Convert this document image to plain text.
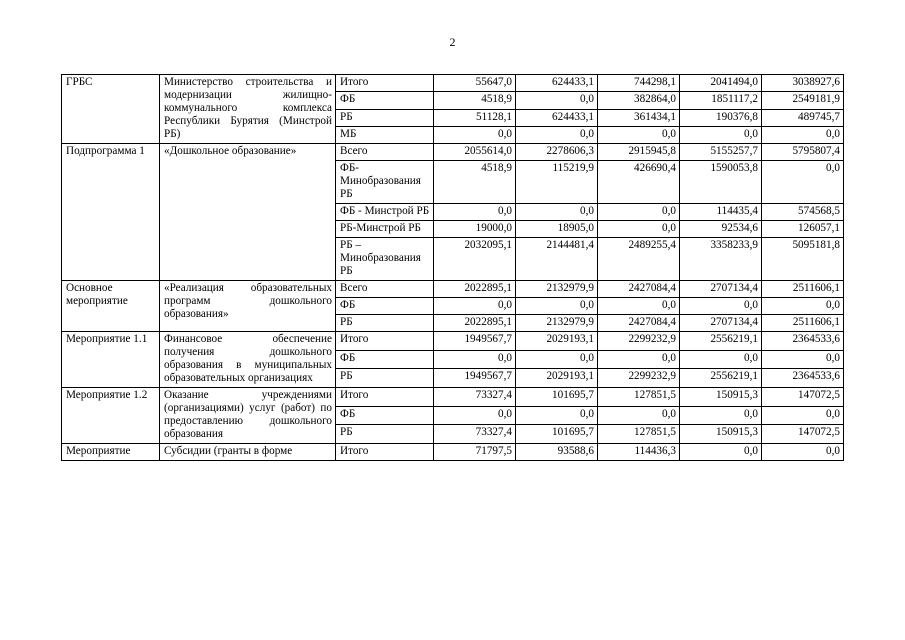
2
ГРБС	Министерство строительства и модернизации жилищно-коммунального комплекса Республики Бурятия (Минстрой РБ)	Итого	55647,0	624433,1	744298,1	2041494,0	3038927,6
		ФБ	4518,9	0,0	382864,0	1851117,2	2549181,9
		РБ	51128,1	624433,1	361434,1	190376,8	489745,7
		МБ	0,0	0,0	0,0	0,0	0,0
Подпрограмма 1	«Дошкольное образование»	Всего	2055614,0	2278606,3	2915945,8	5155257,7	5795807,4
		ФБ-Минобразования РБ	4518,9	115219,9	426690,4	1590053,8	0,0
		ФБ - Минстрой РБ	0,0	0,0	0,0	114435,4	574568,5
		РБ-Минстрой РБ	19000,0	18905,0	0,0	92534,6	126057,1
		РБ – Минобразования РБ	2032095,1	2144481,4	2489255,4	3358233,9	5095181,8
Основное мероприятие	«Реализация образовательных программ дошкольного образования»	Всего	2022895,1	2132979,9	2427084,4	2707134,4	2511606,1
		ФБ	0,0	0,0	0,0	0,0	0,0
		РБ	2022895,1	2132979,9	2427084,4	2707134,4	2511606,1
Мероприятие 1.1	Финансовое обеспечение получения дошкольного образования в муниципальных образовательных организациях	Итого	1949567,7	2029193,1	2299232,9	2556219,1	2364533,6
		ФБ	0,0	0,0	0,0	0,0	0,0
		РБ	1949567,7	2029193,1	2299232,9	2556219,1	2364533,6
Мероприятие 1.2	Оказание учреждениями (организациями) услуг (работ) по предоставлению дошкольного образования	Итого	73327,4	101695,7	127851,5	150915,3	147072,5
		ФБ	0,0	0,0	0,0	0,0	0,0
		РБ	73327,4	101695,7	127851,5	150915,3	147072,5
Мероприятие	Субсидии (гранты в форме	Итого	71797,5	93588,6	114436,3	0,0	0,0
